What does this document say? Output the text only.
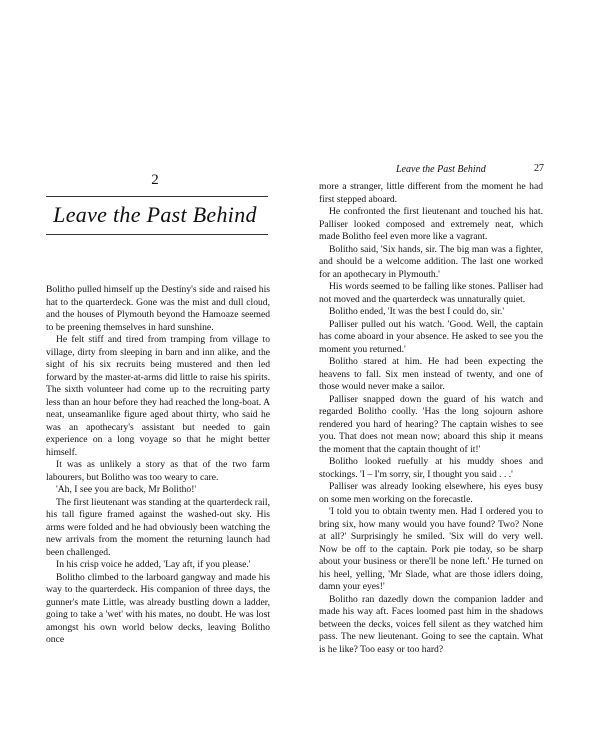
2
Leave the Past Behind

Bolitho pulled himself up the Destiny's side and raised his hat to the quarterdeck. Gone was the mist and dull cloud, and the houses of Plymouth beyond the Hamoaze seemed to be preening themselves in hard sunshine.

He felt stiff and tired from tramping from village to village, dirty from sleeping in barn and inn alike, and the sight of his six recruits being mustered and then led forward by the master-at-arms did little to raise his spirits. The sixth volunteer had come up to the recruiting party less than an hour before they had reached the long-boat. A neat, unseamanlike figure aged about thirty, who said he was an apothecary's assistant but needed to gain experience on a long voyage so that he might better himself.

It was as unlikely a story as that of the two farm labourers, but Bolitho was too weary to care.

'Ah, I see you are back, Mr Bolitho!'

The first lieutenant was standing at the quarterdeck rail, his tall figure framed against the washed-out sky. His arms were folded and he had obviously been watching the new arrivals from the moment the returning launch had been challenged.

In his crisp voice he added, 'Lay aft, if you please.'

Bolitho climbed to the larboard gangway and made his way to the quarterdeck. His companion of three days, the gunner's mate Little, was already bustling down a ladder, going to take a 'wet' with his mates, no doubt. He was lost amongst his own world below decks, leaving Bolitho once

Leave the Past Behind	27

more a stranger, little different from the moment he had first stepped aboard.

He confronted the first lieutenant and touched his hat. Palliser looked composed and extremely neat, which made Bolitho feel even more like a vagrant.

Bolitho said, 'Six hands, sir. The big man was a fighter, and should be a welcome addition. The last one worked for an apothecary in Plymouth.'

His words seemed to be falling like stones. Palliser had not moved and the quarterdeck was unnaturally quiet.

Bolitho ended, 'It was the best I could do, sir.'

Palliser pulled out his watch. 'Good. Well, the captain has come aboard in your absence. He asked to see you the moment you returned.'

Bolitho stared at him. He had been expecting the heavens to fall. Six men instead of twenty, and one of those would never make a sailor.

Palliser snapped down the guard of his watch and regarded Bolitho coolly. 'Has the long sojourn ashore rendered you hard of hearing? The captain wishes to see you. That does not mean now; aboard this ship it means the moment that the captain thought of it!'

Bolitho looked ruefully at his muddy shoes and stockings. 'I – I'm sorry, sir, I thought you said . . .'

Palliser was already looking elsewhere, his eyes busy on some men working on the forecastle.

'I told you to obtain twenty men. Had I ordered you to bring six, how many would you have found? Two? None at all?' Surprisingly he smiled. 'Six will do very well. Now be off to the captain. Pork pie today, so be sharp about your business or there'll be none left.' He turned on his heel, yelling, 'Mr Slade, what are those idlers doing, damn your eyes!'

Bolitho ran dazedly down the companion ladder and made his way aft. Faces loomed past him in the shadows between the decks, voices fell silent as they watched him pass. The new lieutenant. Going to see the captain. What is he like? Too easy or too hard?
